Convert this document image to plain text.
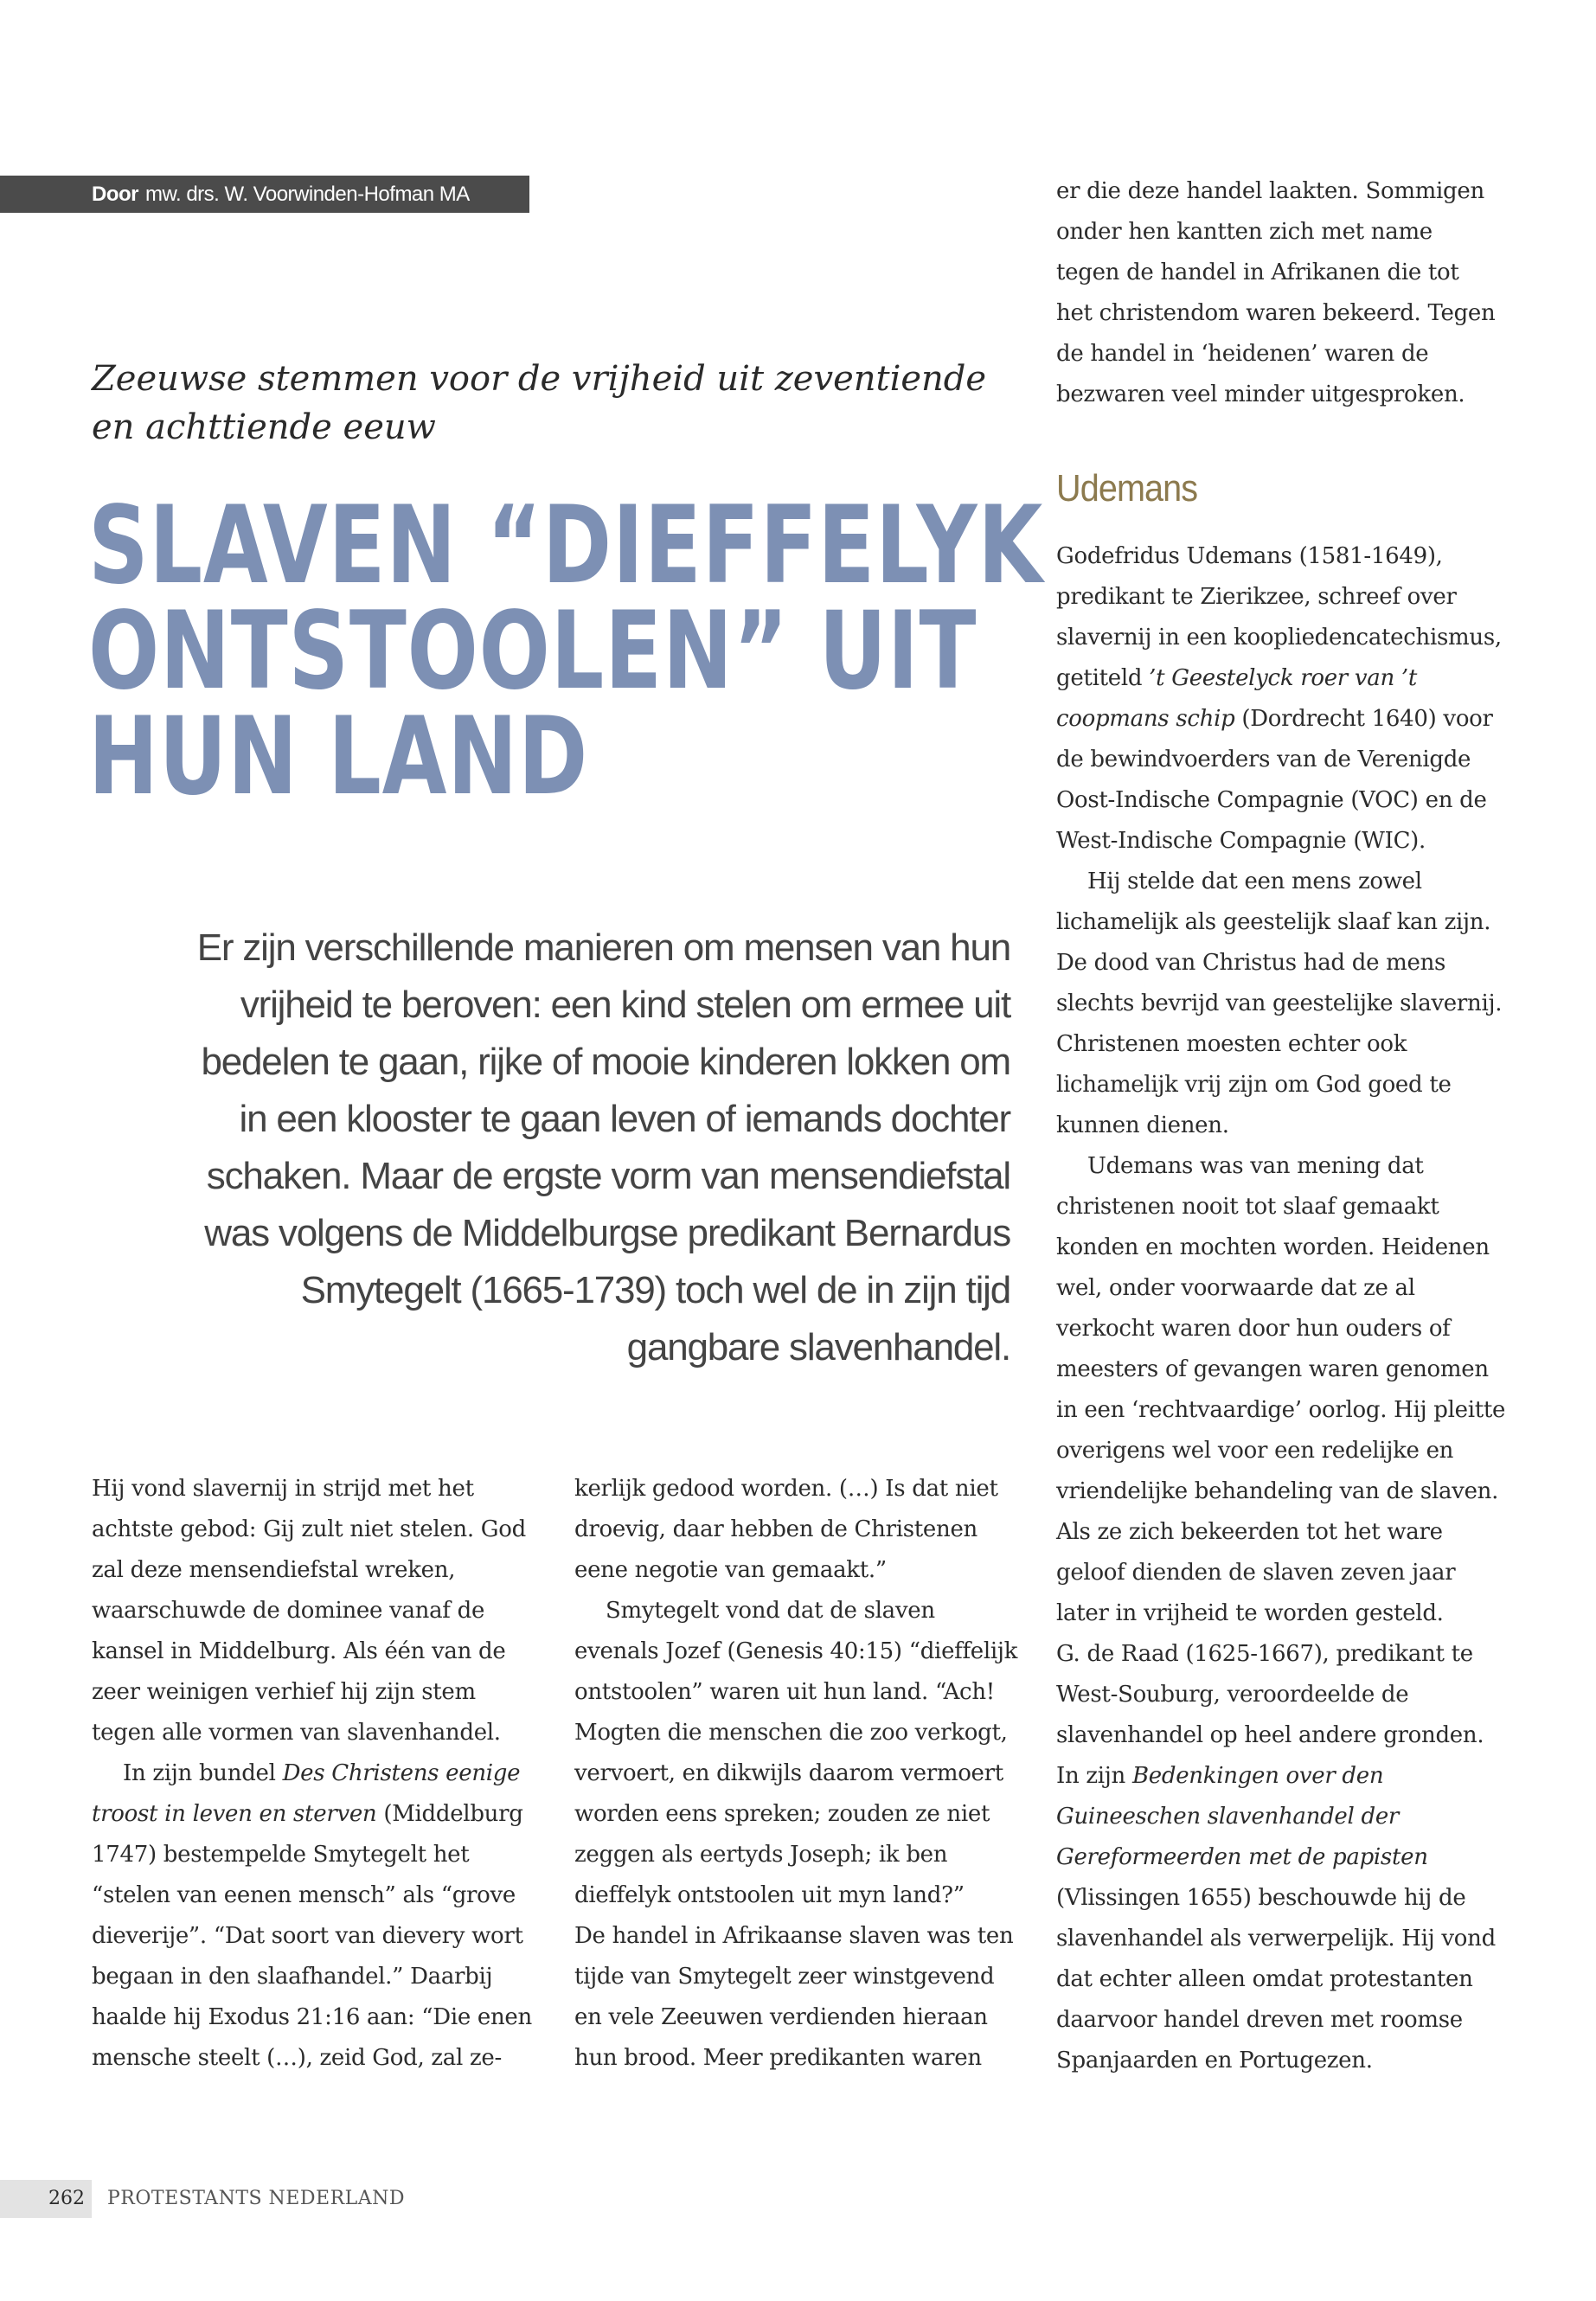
Door mw. drs. W. Voorwinden-Hofman MA

Zeeuwse stemmen voor de vrijheid uit zeventiende
en achttiende eeuw

SLAVEN “DIEFFELYK
ONTSTOOLEN” UIT
HUN LAND

Er zijn verschillende manieren om mensen van hun vrijheid te beroven: een kind stelen om ermee uit bedelen te gaan, rijke of mooie kinderen lokken om in een klooster te gaan leven of iemands dochter schaken. Maar de ergste vorm van mensendiefstal was volgens de Middelburgse predikant Bernardus Smytegelt (1665-1739) toch wel de in zijn tijd gangbare slavenhandel.

Hij vond slavernij in strijd met het achtste gebod: Gij zult niet stelen. God zal deze mensendiefstal wreken, waarschuwde de dominee vanaf de kansel in Middelburg. Als één van de zeer weinigen verhief hij zijn stem tegen alle vormen van slavenhandel.

In zijn bundel Des Christens eenige troost in leven en sterven (Middelburg 1747) bestempelde Smytegelt het “stelen van eenen mensch” als “grove dieverije”. “Dat soort van dievery wort begaan in den slaafhandel.” Daarbij haalde hij Exodus 21:16 aan: “Die enen mensche steelt (…), zeid God, zal ze-

kerlijk gedood worden. (…) Is dat niet droevig, daar hebben de Christenen eene negotie van gemaakt.”

Smytegelt vond dat de slaven evenals Jozef (Genesis 40:15) “dieffelijk ontstoolen” waren uit hun land. “Ach! Mogten die menschen die zoo verkogt, vervoert, en dikwijls daarom vermoert worden eens spreken; zouden ze niet zeggen als eertyds Joseph; ik ben dieffelyk ontstoolen uit myn land?”

De handel in Afrikaanse slaven was ten tijde van Smytegelt zeer winstgevend en vele Zeeuwen verdienden hieraan hun brood. Meer predikanten waren

er die deze handel laakten. Sommigen onder hen kantten zich met name tegen de handel in Afrikanen die tot het christendom waren bekeerd. Tegen de handel in ‘heidenen’ waren de bezwaren veel minder uitgesproken.

Udemans

Godefridus Udemans (1581-1649), predikant te Zierikzee, schreef over slavernij in een koopliedencatechismus, getiteld ’t Geestelyck roer van ’t coopmans schip (Dordrecht 1640) voor de bewindvoerders van de Verenigde Oost-Indische Compagnie (VOC) en de West-Indische Compagnie (WIC).

Hij stelde dat een mens zowel lichamelijk als geestelijk slaaf kan zijn. De dood van Christus had de mens slechts bevrijd van geestelijke slavernij. Christenen moesten echter ook lichamelijk vrij zijn om God goed te kunnen dienen.

Udemans was van mening dat christenen nooit tot slaaf gemaakt konden en mochten worden. Heidenen wel, onder voorwaarde dat ze al verkocht waren door hun ouders of meesters of gevangen waren genomen in een ‘rechtvaardige’ oorlog. Hij pleitte overigens wel voor een redelijke en vriendelijke behandeling van de slaven. Als ze zich bekeerden tot het ware geloof dienden de slaven zeven jaar later in vrijheid te worden gesteld.

G. de Raad (1625-1667), predikant te West-Souburg, veroordeelde de slavenhandel op heel andere gronden. In zijn Bedenkingen over den Guineeschen slavenhandel der Gereformeerden met de papisten (Vlissingen 1655) beschouwde hij de slavenhandel als verwerpelijk. Hij vond dat echter alleen omdat protestanten daarvoor handel dreven met roomse Spanjaarden en Portugezen.

262	PROTESTANTS NEDERLAND
